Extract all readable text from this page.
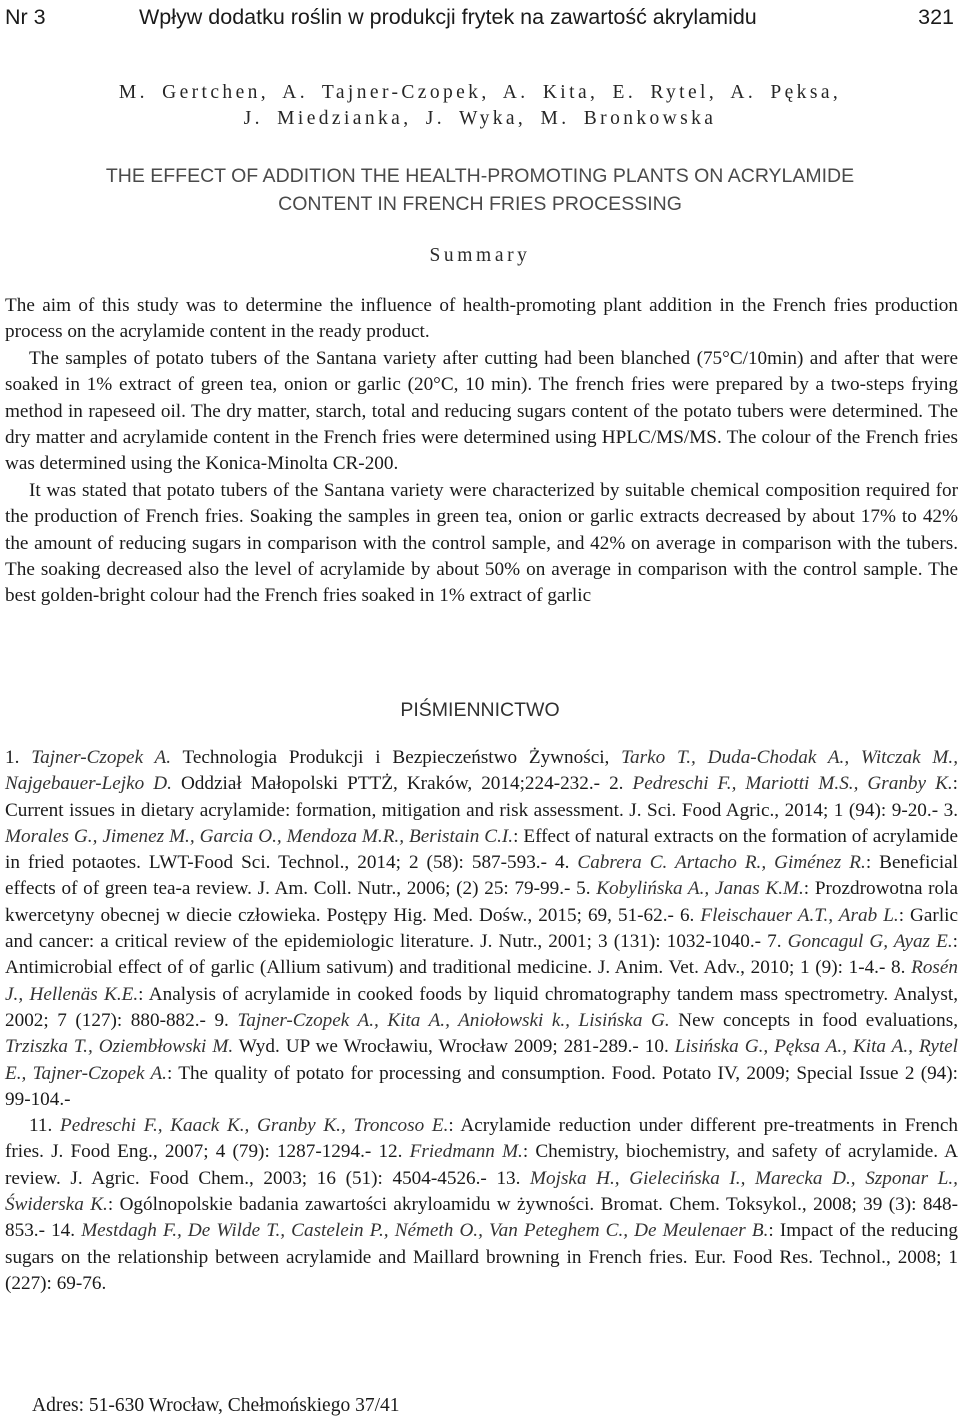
Nr 3	Wpływ dodatku roślin w produkcji frytek na zawartość akrylamidu	321
M. Gertchen, A. Tajner-Czopek, A. Kita, E. Rytel, A. Pęksa,
J. Miedzianka, J. Wyka, M. Bronkowska
THE EFFECT OF ADDITION THE HEALTH-PROMOTING PLANTS ON ACRYLAMIDE
CONTENT IN FRENCH FRIES PROCESSING
Summary

The aim of this study was to determine the influence of health-promoting plant addition in the French fries production process on the acrylamide content in the ready product.

The samples of potato tubers of the Santana variety after cutting had been blanched (75°C/10min) and after that were soaked in 1% extract of green tea, onion or garlic (20°C, 10 min). The french fries were prepared by a two-steps frying method in rapeseed oil. The dry matter, starch, total and reducing sugars content of the potato tubers were determined. The dry matter and acrylamide content in the French fries were determined using HPLC/MS/MS. The colour of the French fries was determined using the Konica-Minolta CR-200.

It was stated that potato tubers of the Santana variety were characterized by suitable chemical composition required for the production of French fries. Soaking the samples in green tea, onion or garlic extracts decreased by about 17% to 42% the amount of reducing sugars in comparison with the control sample, and 42% on average in comparison with the tubers. The soaking decreased also the level of acrylamide by about 50% on average in comparison with the control sample. The best golden-bright colour had the French fries soaked in 1% extract of garlic

PIŚMIENNICTWO

1. Tajner-Czopek A. Technologia Produkcji i Bezpieczeństwo Żywności, Tarko T., Duda-Chodak A., Witczak M., Najgebauer-Lejko D. Oddział Małopolski PTTŻ, Kraków, 2014;224-232.- 2. Pedreschi F., Mariotti M.S., Granby K.: Current issues in dietary acrylamide: formation, mitigation and risk assessment. J. Sci. Food Agric., 2014; 1 (94): 9-20.- 3. Morales G., Jimenez M., Garcia O., Mendoza M.R., Beristain C.I.: Effect of natural extracts on the formation of acrylamide in fried potaotes. LWT-Food Sci. Technol., 2014; 2 (58): 587-593.- 4. Cabrera C. Artacho R., Giménez R.: Beneficial effects of of green tea-a review. J. Am. Coll. Nutr., 2006; (2) 25: 79-99.- 5. Kobylińska A., Janas K.M.: Prozdrowotna rola kwercetyny obecnej w diecie człowieka. Postępy Hig. Med. Dośw., 2015; 69, 51-62.- 6. Fleischauer A.T., Arab L.: Garlic and cancer: a critical review of the epidemiologic literature. J. Nutr., 2001; 3 (131): 1032-1040.- 7. Goncagul G, Ayaz E.: Antimicrobial effect of of garlic (Allium sativum) and traditional medicine. J. Anim. Vet. Adv., 2010; 1 (9): 1-4.- 8. Rosén J., Hellenäs K.E.: Analysis of acrylamide in cooked foods by liquid chromatography tandem mass spectrometry. Analyst, 2002; 7 (127): 880-882.- 9. Tajner-Czopek A., Kita A., Aniołowski k., Lisińska G. New concepts in food evaluations, Trziszka T., Oziembłowski M. Wyd. UP we Wrocławiu, Wrocław 2009; 281-289.- 10. Lisińska G., Pęksa A., Kita A., Rytel E., Tajner-Czopek A.: The quality of potato for processing and consumption. Food. Potato IV, 2009; Special Issue 2 (94): 99-104.-

11. Pedreschi F., Kaack K., Granby K., Troncoso E.: Acrylamide reduction under different pre-treatments in French fries. J. Food Eng., 2007; 4 (79): 1287-1294.- 12. Friedmann M.: Chemistry, biochemistry, and safety of acrylamide. A review. J. Agric. Food Chem., 2003; 16 (51): 4504-4526.- 13. Mojska H., Gielecińska I., Marecka D., Szponar L., Świderska K.: Ogólnopolskie badania zawartości akryloamidu w żywności. Bromat. Chem. Toksykol., 2008; 39 (3): 848-853.- 14. Mestdagh F., De Wilde T., Castelein P., Németh O., Van Peteghem C., De Meulenaer B.: Impact of the reducing sugars on the relationship between acrylamide and Maillard browning in French fries. Eur. Food Res. Technol., 2008; 1 (227): 69-76.

Adres: 51-630 Wrocław, Chełmońskiego 37/41
